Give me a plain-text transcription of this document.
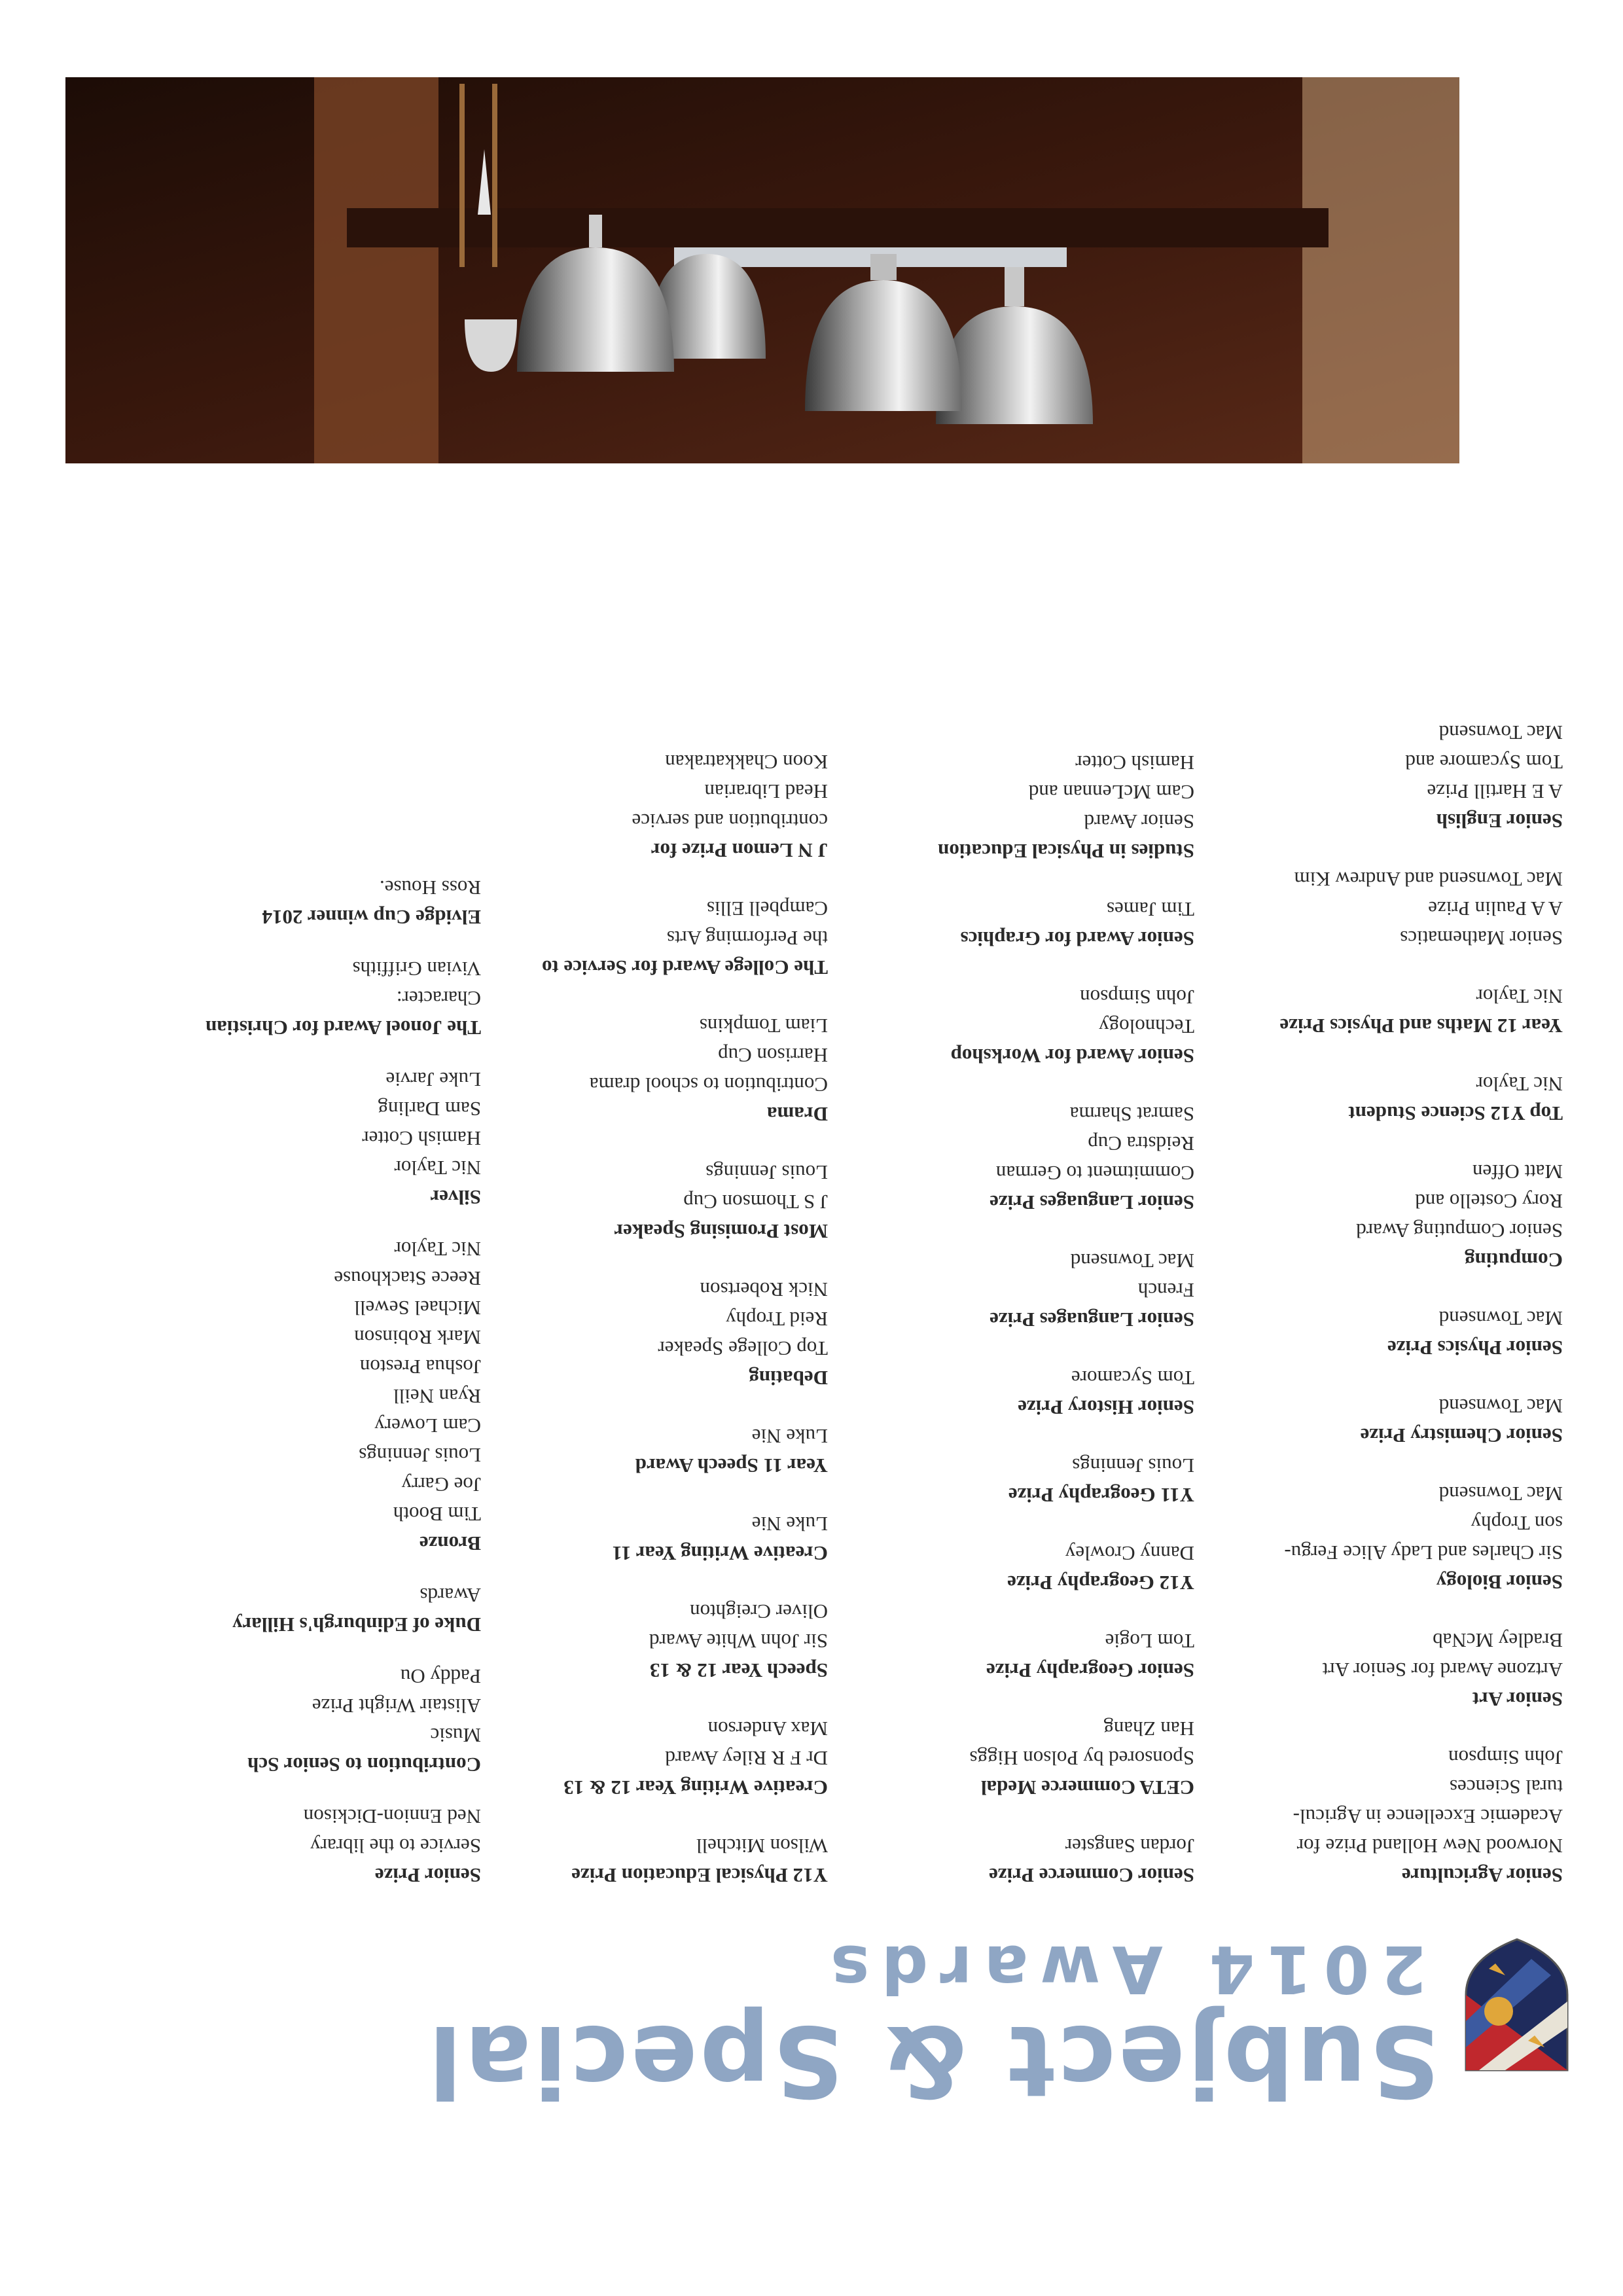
Subject & Special
2014 Awards

Senior Agriculture

Norwood New Holland Prize for

Academic Excellence in Agricul-

tural Sciences

John Simpson

Senior Art

Artzone Award for Senior Art

Bradley McNab

Senior Biology

Sir Charles and Lady Alice Fergu-

son Trophy

Mac Townsend

Senior Chemistry Prize

Mac Townsend

Senior Physics Prize

Mac Townsend

Computing

Senior Computing Award

Rory Costello and

Matt Offen

Top Y12 Science Student

Nic Taylor

Year 12 Maths and Physics Prize

Nic Taylor

Senior Mathematics

A A Paulin Prize

Mac Townsend and Andrew Kim

Senior English

A E Hartill Prize

Tom Sycamore and

Mac Townsend

Senior Commerce Prize

Jordan Sangster

CETA Commerce Medal

Sponsored by Polson Higgs

Han Zhang

Senior Geography Prize

Tom Logie

Y12 Geography Prize

Danny Crowley

Y11 Geography Prize

Louis Jennings

Senior History Prize

Tom Sycamore

Senior Languages Prize

French

Mac Townsend

Senior Languages Prize

Commitment to German

Reidstra Cup

Samrat Sharma

Senior Award for Workshop

Technology

John Simpson

Senior Award for Graphics

Tim James

Studies in Physical Education

Senior Award

Cam McLennan and

Hamish Cotter

Y12 Physical Education Prize

Wilson Mitchell

Creative Writing Year 12 & 13

Dr F R Riley Award

Max Anderson

Speech Year 12 & 13

Sir John White Award

Oliver Creighton

Creative Writing Year 11

Luke Nie

Year 11 Speech Award

Luke Nie

Debating

Top College Speaker

Reid Trophy

Nick Robertson

Most Promising Speaker

J S Thomson Cup

Louis Jennings

Drama

Contribution to school drama

Harrison Cup

Liam Tompkins

The College Award for Service to

the Performing Arts

Campbell Ellis

J N Lemon Prize for

contribution and service

Head Librarian

Koon Chakkatrakan

Senior Prize

Service to the library

Ned Ennion-Dickison

Contribution to Senior Sch

Music

Alistair Wright Prize

Paddy Ou

Duke of Edinburgh's Hillary

Awards

Bronze

Tim Booth

Joe Garry

Louis Jennings

Cam Lowery

Ryan Neill

Joshua Preston

Mark Robinson

Michael Sewell

Reece Stackhouse

Nic Taylor

Silver

Nic Taylor

Hamish Cotter

Sam Darling

Luke Jarvie

The Jonoel Award for Christian

Character:

Vivian Griffiths

Elvidge Cup winner 2014

Ross House.
